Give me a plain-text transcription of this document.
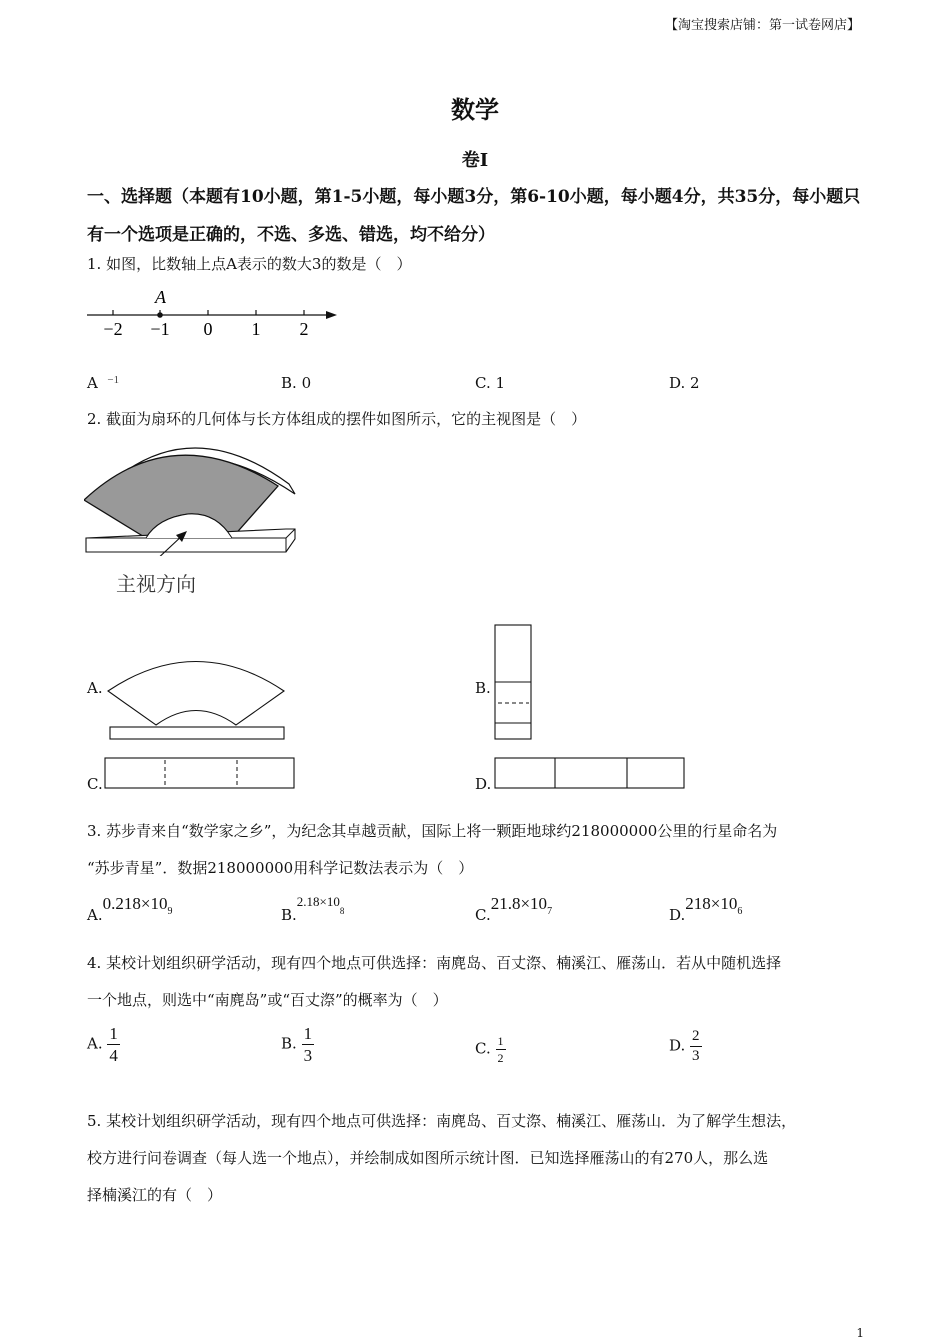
【淘宝搜索店铺：第一试卷网店】
数学
卷Ⅰ
一、选择题（本题有10小题，第1-5小题，每小题3分，第6-10小题，每小题4分，共35分，每小题只有一个选项是正确的，不选、多选、错选，均不给分）
1. 如图，比数轴上点A表示的数大3的数是（　）
A
−2 −1 0 1 2
A $^{-1}$	B. 0	C. 1	D. 2
2. 截面为扇环的几何体与长方体组成的摆件如图所示，它的主视图是（　）
主视方向
A.	B.
C.	D.
3. 苏步青来自“数学家之乡”，为纪念其卓越贡献，国际上将一颗距地球约218000000公里的行星命名为
“苏步青星”．数据218000000用科学记数法表示为（　）
$A.0.218\times 10^9$	$B.2.18\times 10^8$	$C.21.8\times 10^7$	$D.218\times 10^6$
4. 某校计划组织研学活动，现有四个地点可供选择：南麂岛、百丈漈、楠溪江、雁荡山．若从中随机选择
一个地点，则选中“南麂岛”或“百丈漈”的概率为（　）
A. $\frac{1}{4}$	B. $\frac{1}{3}$	C. $\frac{1}{2}$	D. $\frac{2}{3}$
5. 某校计划组织研学活动，现有四个地点可供选择：南麂岛、百丈漈、楠溪江、雁荡山．为了解学生想法，
校方进行问卷调查（每人选一个地点），并绘制成如图所示统计图．已知选择雁荡山的有270人，那么选
择楠溪江的有（　）
1
